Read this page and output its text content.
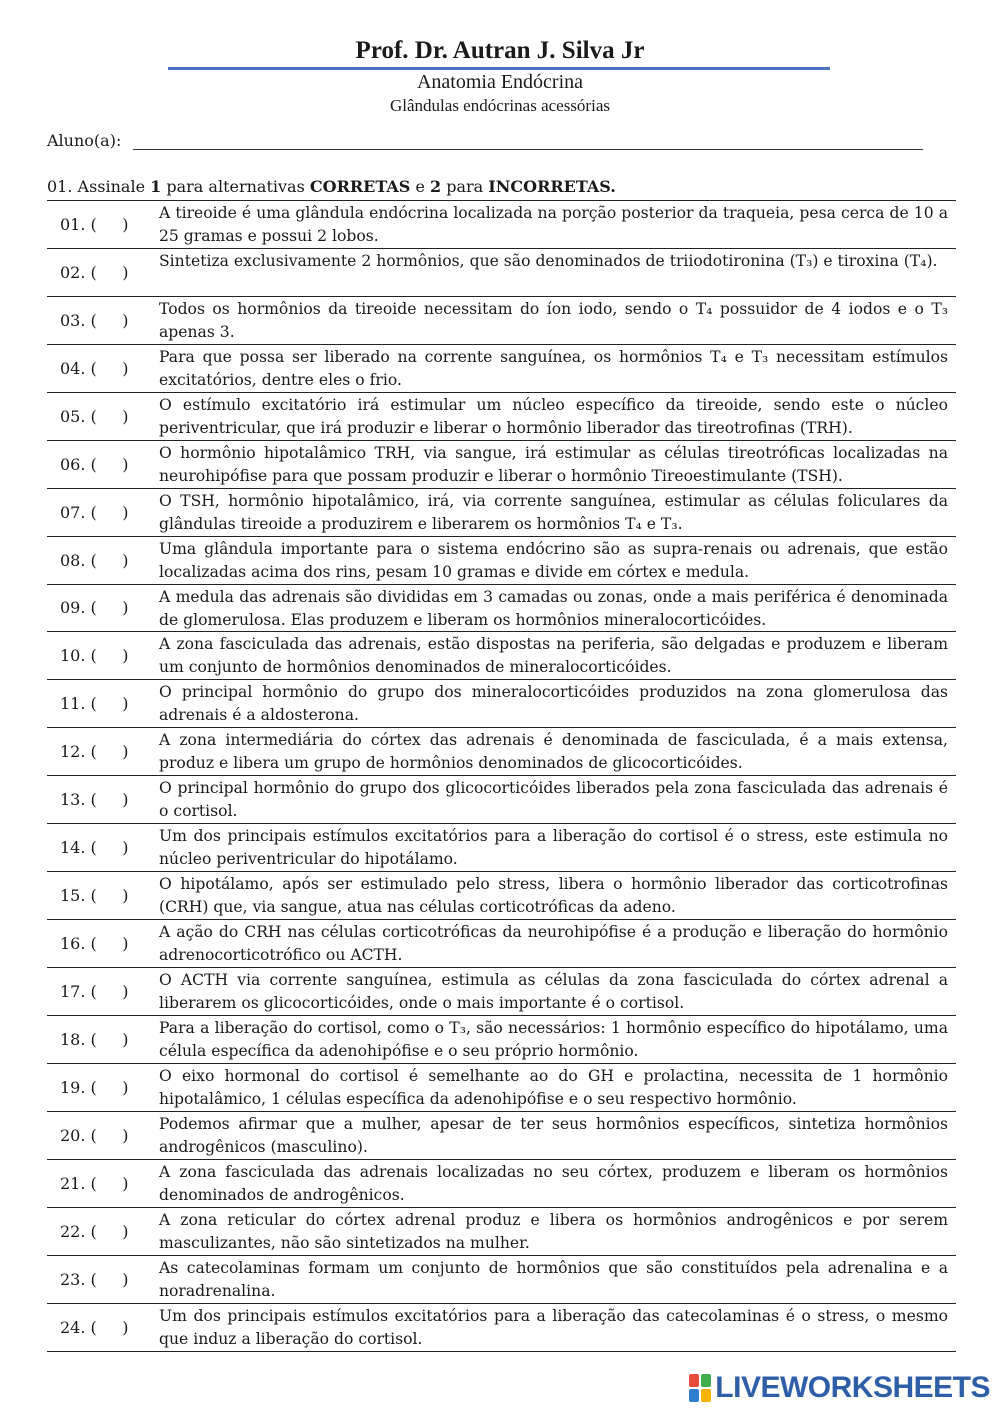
Prof. Dr. Autran J. Silva Jr
Anatomia Endócrina
Glândulas endócrinas acessórias
Aluno(a):
01. Assinale 1 para alternativas CORRETAS e 2 para INCORRETAS.
01. (     )
A tireoide é uma glândula endócrina localizada na porção posterior da traqueia, pesa cerca de 10 a 25 gramas e possui 2 lobos.
02. (     )
Sintetiza exclusivamente 2 hormônios, que são denominados de triiodotironina (T₃) e tiroxina (T₄).
03. (     )
Todos os hormônios da tireoide necessitam do íon iodo, sendo o T₄ possuidor de 4 iodos e o T₃ apenas 3.
04. (     )
Para que possa ser liberado na corrente sanguínea, os hormônios T₄ e T₃ necessitam estímulos excitatórios, dentre eles o frio.
05. (     )
O estímulo excitatório irá estimular um núcleo específico da tireoide, sendo este o núcleo periventricular, que irá produzir e liberar o hormônio liberador das tireotrofinas (TRH).
06. (     )
O hormônio hipotalâmico TRH, via sangue, irá estimular as células tireotróficas localizadas na neurohipófise para que possam produzir e liberar o hormônio Tireoestimulante (TSH).
07. (     )
O TSH, hormônio hipotalâmico, irá, via corrente sanguínea, estimular as células foliculares da glândulas tireoide a produzirem e liberarem os hormônios T₄ e T₃.
08. (     )
Uma glândula importante para o sistema endócrino são as supra-renais ou adrenais, que estão localizadas acima dos rins, pesam 10 gramas e divide em córtex e medula.
09. (     )
A medula das adrenais são divididas em 3 camadas ou zonas, onde a mais periférica é denominada de glomerulosa. Elas produzem e liberam os hormônios mineralocorticóides.
10. (     )
A zona fasciculada das adrenais, estão dispostas na periferia, são delgadas e produzem e liberam um conjunto de hormônios denominados de mineralocorticóides.
11. (     )
O principal hormônio do grupo dos mineralocorticóides produzidos na zona glomerulosa das adrenais é a aldosterona.
12. (     )
A zona intermediária do córtex das adrenais é denominada de fasciculada, é a mais extensa, produz e libera um grupo de hormônios denominados de glicocorticóides.
13. (     )
O principal hormônio do grupo dos glicocorticóides liberados pela zona fasciculada das adrenais é o cortisol.
14. (     )
Um dos principais estímulos excitatórios para a liberação do cortisol é o stress, este estimula no núcleo periventricular do hipotálamo.
15. (     )
O hipotálamo, após ser estimulado pelo stress, libera o hormônio liberador das corticotrofinas (CRH) que, via sangue, atua nas células corticotróficas da adeno.
16. (     )
A ação do CRH nas células corticotróficas da neurohipófise é a produção e liberação do hormônio adrenocorticotrófico ou ACTH.
17. (     )
O ACTH via corrente sanguínea, estimula as células da zona fasciculada do córtex adrenal a liberarem os glicocorticóides, onde o mais importante é o cortisol.
18. (     )
Para a liberação do cortisol, como o T₃, são necessários: 1 hormônio específico do hipotálamo, uma célula específica da adenohipófise e o seu próprio hormônio.
19. (     )
O eixo hormonal do cortisol é semelhante ao do GH e prolactina, necessita de 1 hormônio hipotalâmico, 1 células específica da adenohipófise e o seu respectivo hormônio.
20. (     )
Podemos afirmar que a mulher, apesar de ter seus hormônios específicos, sintetiza hormônios androgênicos (masculino).
21. (     )
A zona fasciculada das adrenais localizadas no seu córtex, produzem e liberam os hormônios denominados de androgênicos.
22. (     )
A zona reticular do córtex adrenal produz e libera os hormônios androgênicos e por serem masculizantes, não são sintetizados na mulher.
23. (     )
As catecolaminas formam um conjunto de hormônios que são constituídos pela adrenalina e a noradrenalina.
24. (     )
Um dos principais estímulos excitatórios para a liberação das catecolaminas é o stress, o mesmo que induz a liberação do cortisol.
LIVEWORKSHEETS
